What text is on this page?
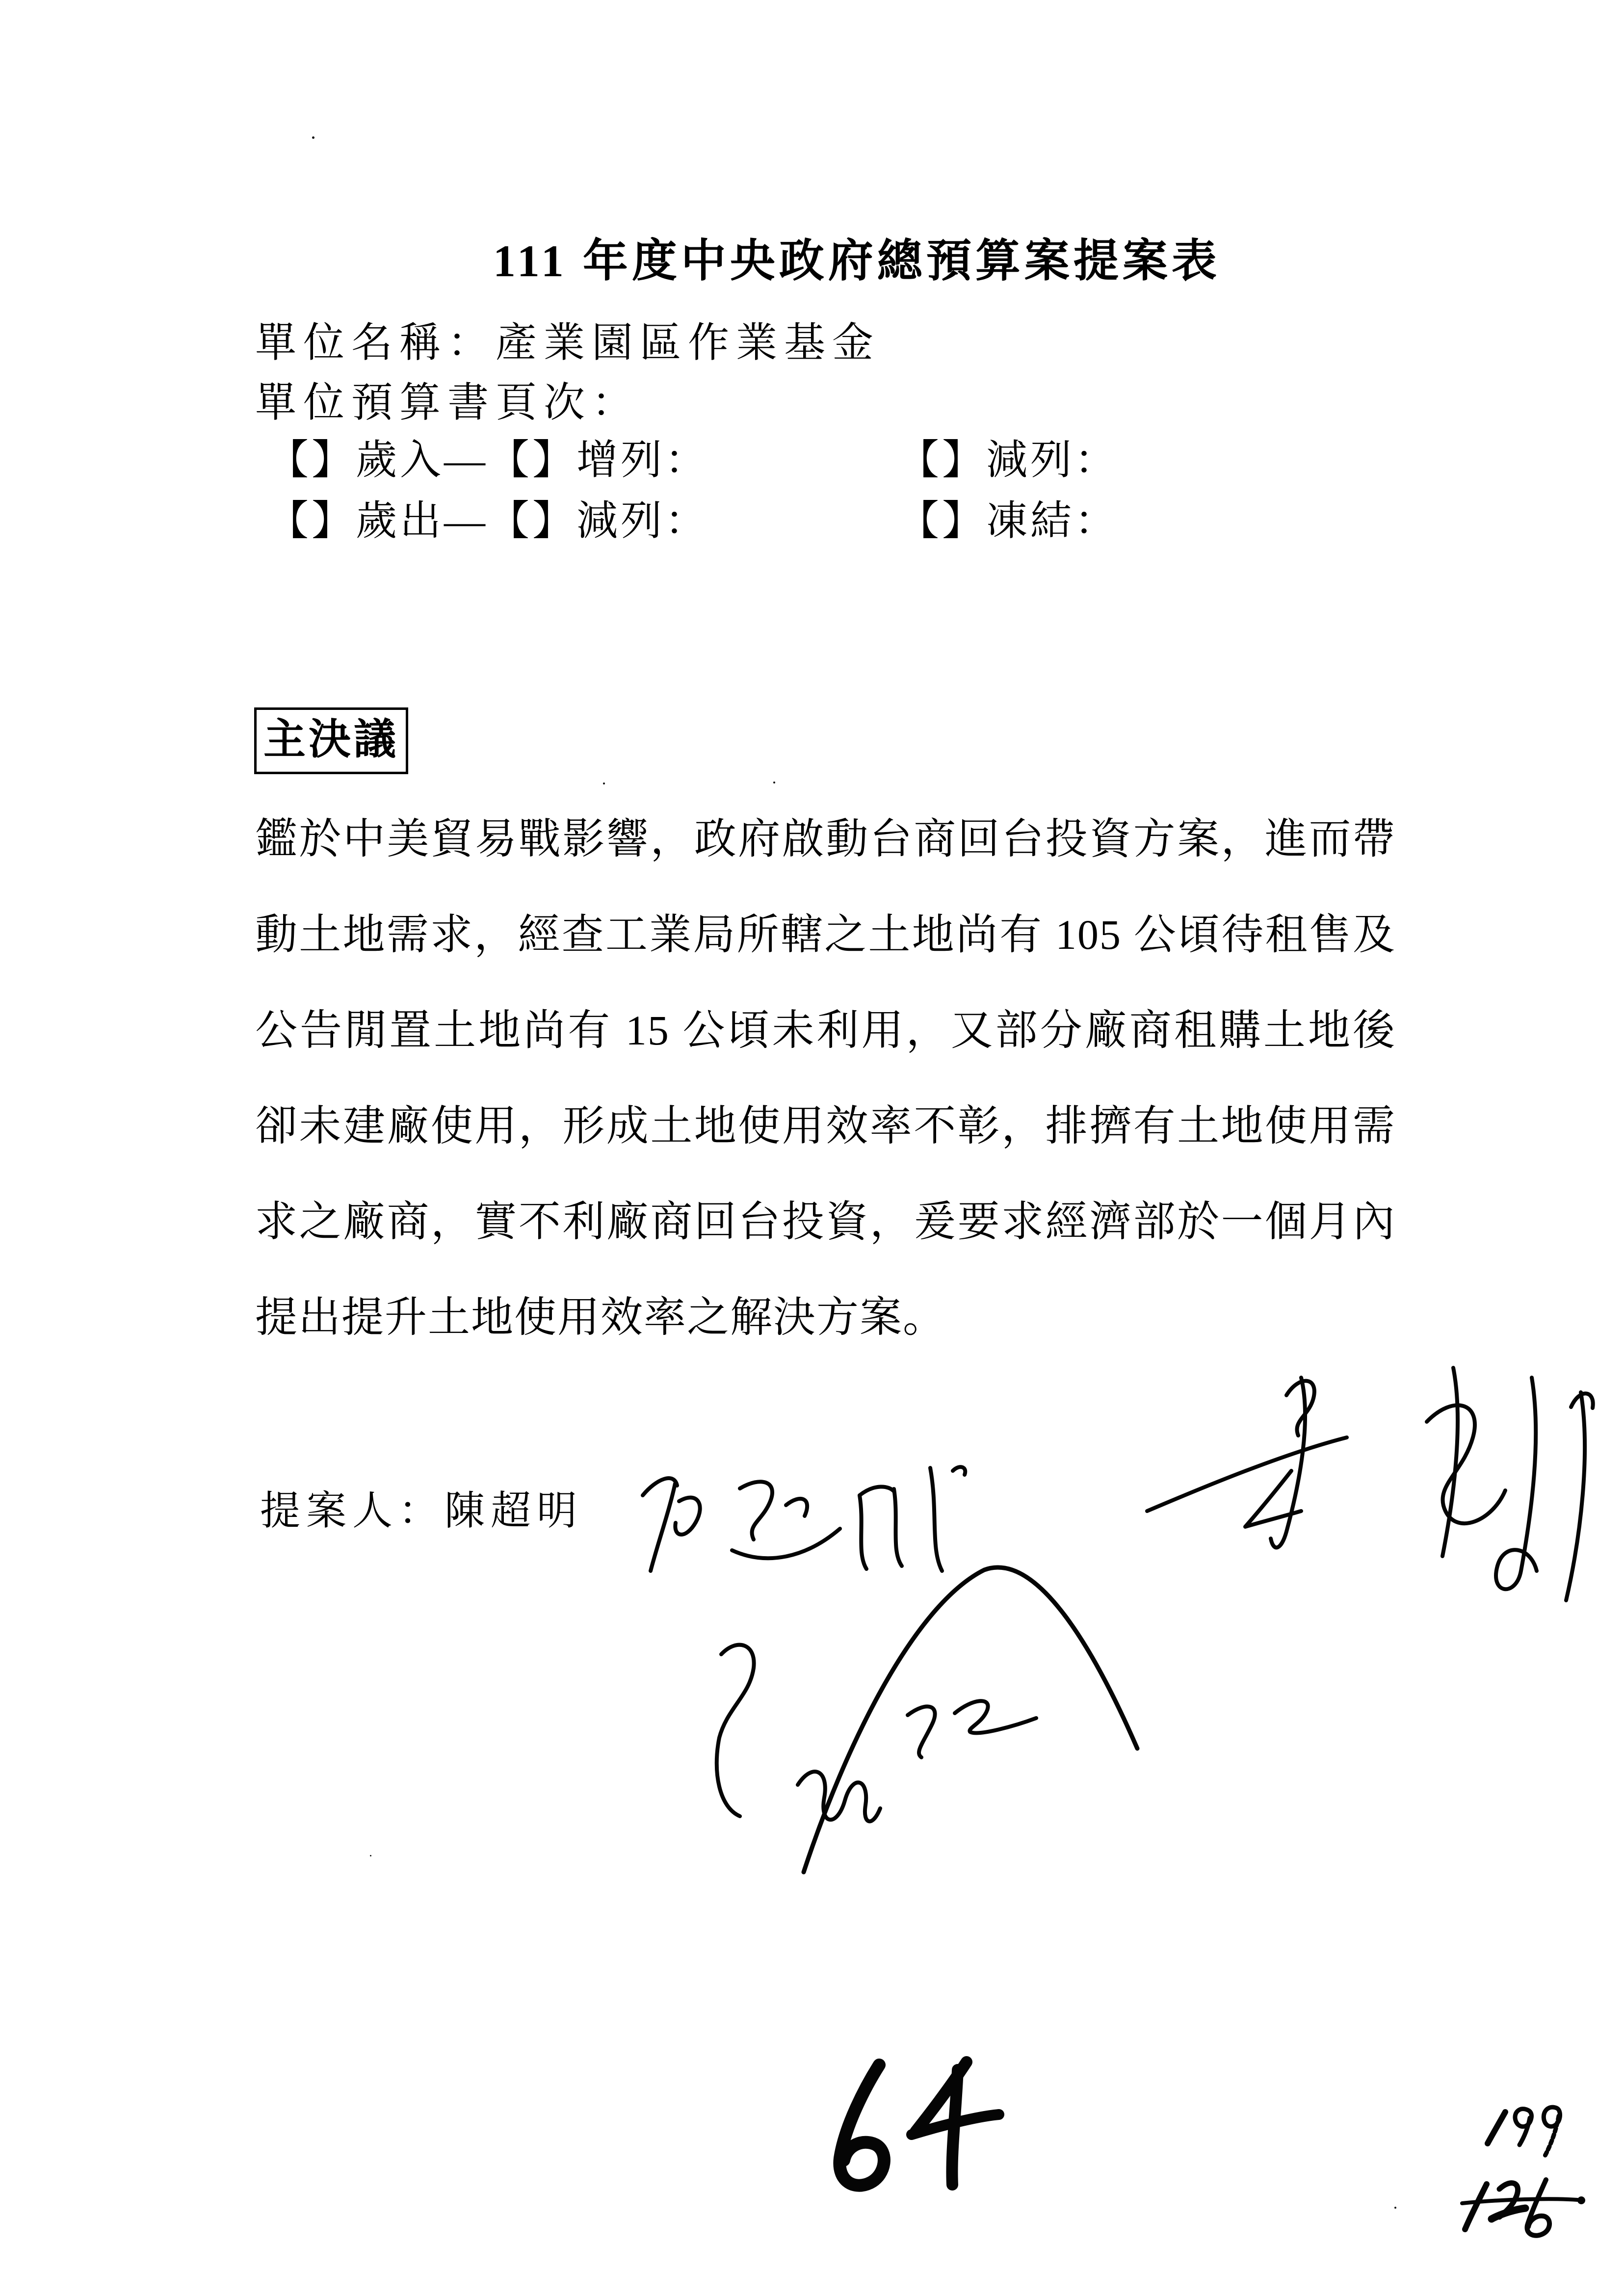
111 年度中央政府總預算案提案表
單位名稱：產業園區作業基金
單位預算書頁次：
【】歲入—【】增列：	【】減列：
【】歲出—【】減列：	【】凍結：
主決議
鑑於中美貿易戰影響，政府啟動台商回台投資方案，進而帶
動土地需求，經查工業局所轄之土地尚有 105 公頃待租售及
公告閒置土地尚有 15 公頃未利用，又部分廠商租購土地後
卻未建廠使用，形成土地使用效率不彰，排擠有土地使用需
求之廠商，實不利廠商回台投資，爰要求經濟部於一個月內
提出提升土地使用效率之解決方案。
提案人：陳超明
